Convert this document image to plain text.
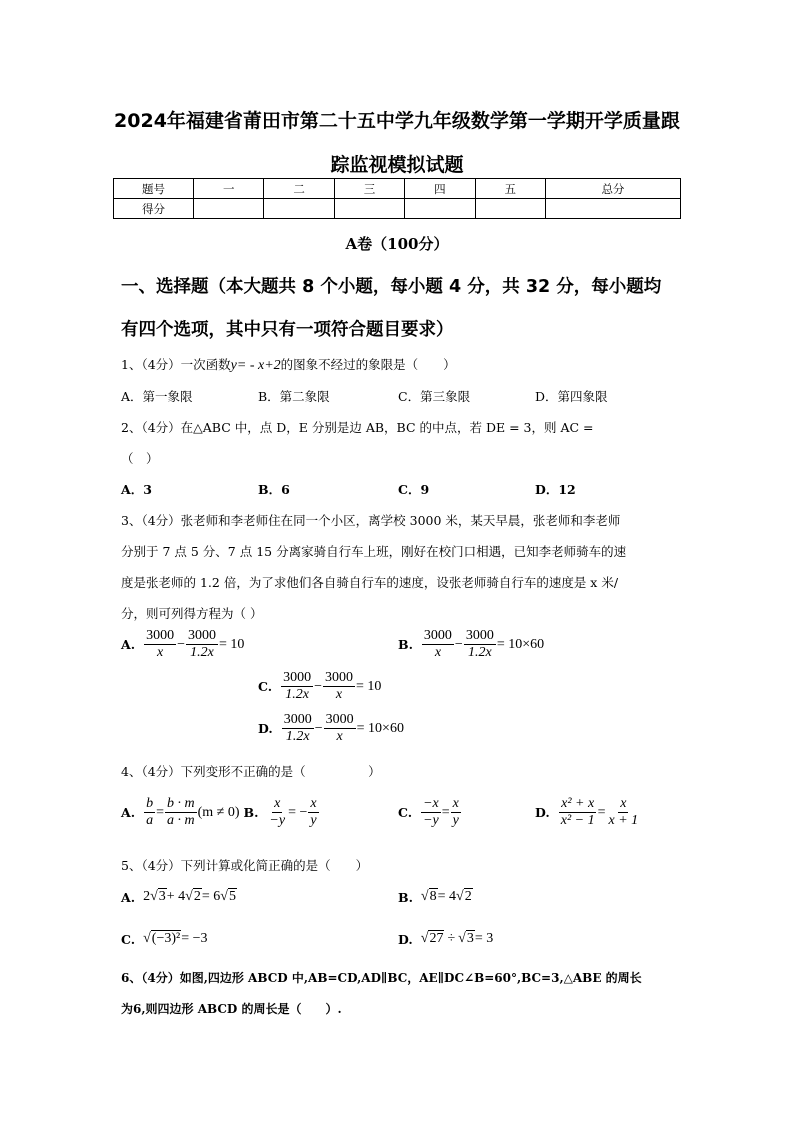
2024年福建省莆田市第二十五中学九年级数学第一学期开学质量跟
踪监视模拟试题
题号	一	二	三	四	五	总分
得分						
A卷（100分）
一、选择题（本大题共 8 个小题，每小题 4 分，共 32 分，每小题均
有四个选项，其中只有一项符合题目要求）
1、（4分）一次函数y= - x+2的图象不经过的象限是（　　）
A．第一象限	B．第二象限	C．第三象限	D．第四象限
2、（4分）在△ABC 中，点 D，E 分别是边 AB，BC 的中点，若 DE = 3，则 AC =
（　）
A．3	B．6	C．9	D．12
3、（4分）张老师和李老师住在同一个小区，离学校 3000 米，某天早晨，张老师和李老师
分别于 7 点 5 分、7 点 15 分离家骑自行车上班，刚好在校门口相遇，已知李老师骑车的速
度是张老师的 1.2 倍，为了求他们各自骑自行车的速度，设张老师骑自行车的速度是 x 米/
分，则可列得方程为（ ）
A. $\frac{3000}{x} - \frac{3000}{1.2x} = 10$	B. $\frac{3000}{x} - \frac{3000}{1.2x} = 10\times 60$
C. $\frac{3000}{1.2x} - \frac{3000}{x} = 10$
D. $\frac{3000}{1.2x} - \frac{3000}{x} = 10\times 60$
4、（4分）下列变形不正确的是（　　　　　）
A. $\frac{b}{a} = \frac{b \cdot m}{a \cdot m} (m \ne 0)$ B. $\frac{x}{-y}$ = − $\frac{x}{y}$	C. $\frac{-x}{-y} = \frac{x}{y}$	D. $\frac{\text{x² + x}}{\text{x² − 1}} = \frac{x}{x + 1}$
5、（4分）下列计算或化简正确的是（　　）
A. 2 √3 + 4 √2 = 6 √5	B. √8 = 4 √2
C. √(−3)² = −3	D. √27 ÷ √3 = 3
6、（4分）如图,四边形 ABCD 中,AB=CD,AD∥BC，AE∥DC∠B=60°,BC=3,△ABE 的周长
为6,则四边形 ABCD 的周长是（　　）.
